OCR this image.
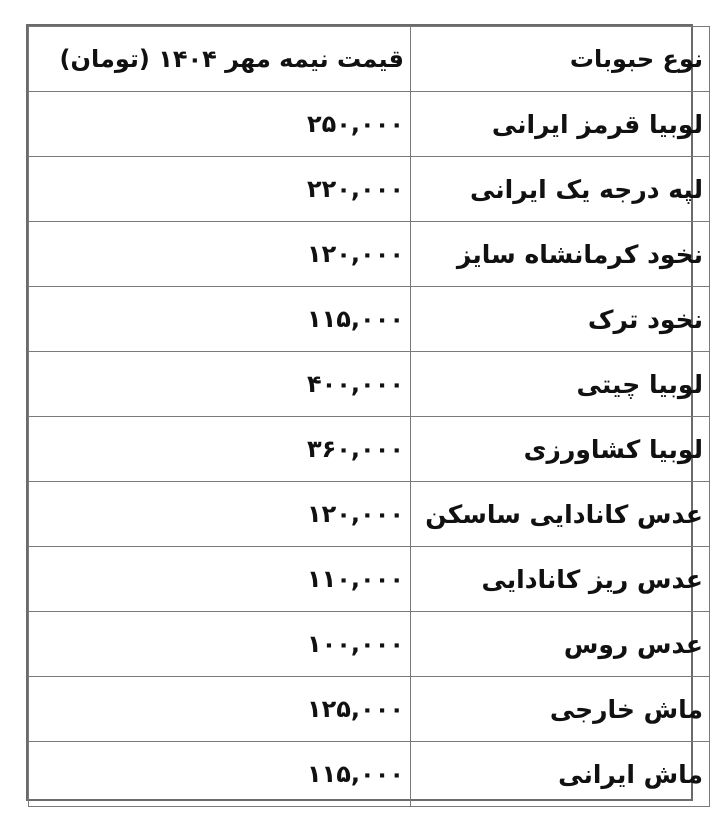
نوع حبوبات	قیمت نیمه مهر ۱۴۰۴ (تومان)
لوبیا قرمز ایرانی	۲۵۰,۰۰۰
لپه درجه یک ایرانی	۲۲۰,۰۰۰
نخود کرمانشاه سایز	۱۲۰,۰۰۰
نخود ترک	۱۱۵,۰۰۰
لوبیا چیتی	۴۰۰,۰۰۰
لوبیا کشاورزی	۳۶۰,۰۰۰
عدس کانادایی ساسکن	۱۲۰,۰۰۰
عدس ریز کانادایی	۱۱۰,۰۰۰
عدس روس	۱۰۰,۰۰۰
ماش خارجی	۱۲۵,۰۰۰
ماش ایرانی	۱۱۵,۰۰۰
